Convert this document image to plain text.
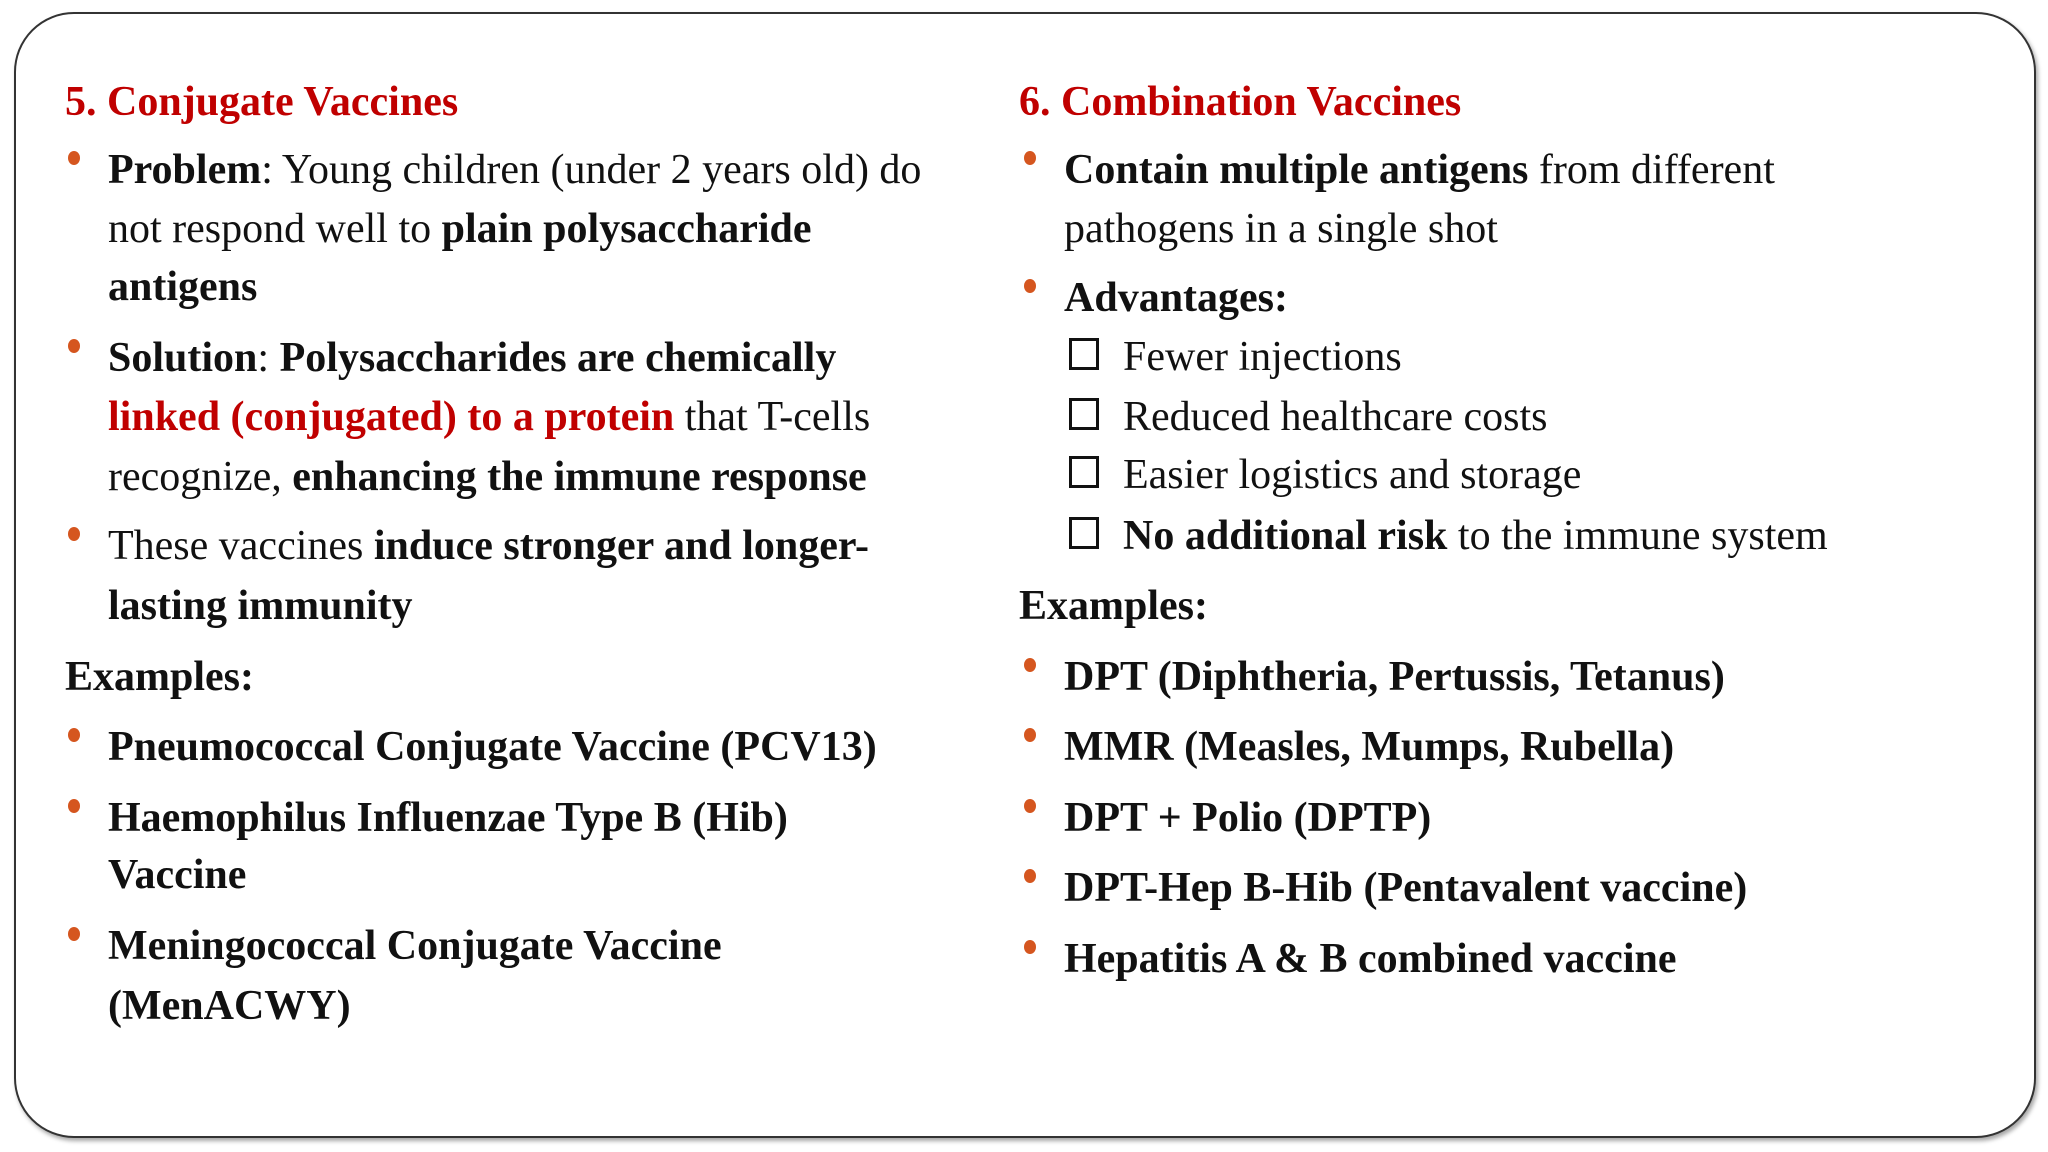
5. Conjugate Vaccines
Problem: Young children (under 2 years old) do
not respond well to plain polysaccharide
antigens
Solution: Polysaccharides are chemically
linked (conjugated) to a protein that T-cells
recognize, enhancing the immune response
These vaccines induce stronger and longer-
lasting immunity
Examples:
Pneumococcal Conjugate Vaccine (PCV13)
Haemophilus Influenzae Type B (Hib)
Vaccine
Meningococcal Conjugate Vaccine
(MenACWY)
6. Combination Vaccines
Contain multiple antigens from different
pathogens in a single shot
Advantages:
Fewer injections
Reduced healthcare costs
Easier logistics and storage
No additional risk to the immune system
Examples:
DPT (Diphtheria, Pertussis, Tetanus)
MMR (Measles, Mumps, Rubella)
DPT + Polio (DPTP)
DPT-Hep B-Hib (Pentavalent vaccine)
Hepatitis A & B combined vaccine
